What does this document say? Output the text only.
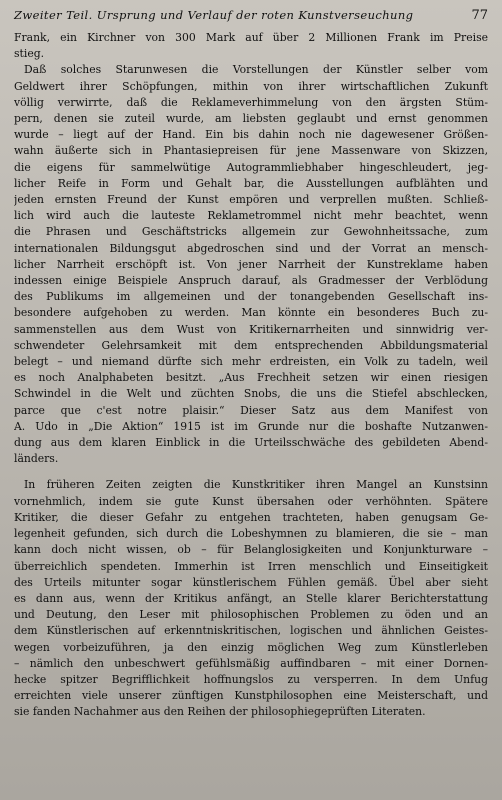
Zweiter Teil. Ursprung und Verlauf der roten Kunstverseuchung	77
Frank, ein Kirchner von 300 Mark auf über 2 Millionen Frank im Preise
stieg.
Daß solches Starunwesen die Vorstellungen der Künstler selber vom
Geldwert ihrer Schöpfungen, mithin von ihrer wirtschaftlichen Zukunft
völlig verwirrte, daß die Reklameverhimmelung von den ärgsten Stüm-
pern, denen sie zuteil wurde, am liebsten geglaubt und ernst genommen
wurde – liegt auf der Hand. Ein bis dahin noch nie dagewesener Größen-
wahn äußerte sich in Phantasiepreisen für jene Massenware von Skizzen,
die eigens für sammelwütige Autogrammliebhaber hingeschleudert, jeg-
licher Reife in Form und Gehalt bar, die Ausstellungen aufblähten und
jeden ernsten Freund der Kunst empören und verprellen mußten. Schließ-
lich wird auch die lauteste Reklametrommel nicht mehr beachtet, wenn
die Phrasen und Geschäftstricks allgemein zur Gewohnheitssache, zum
internationalen Bildungsgut abgedroschen sind und der Vorrat an mensch-
licher Narrheit erschöpft ist. Von jener Narrheit der Kunstreklame haben
indessen einige Beispiele Anspruch darauf, als Gradmesser der Verblödung
des Publikums im allgemeinen und der tonangebenden Gesellschaft ins-
besondere aufgehoben zu werden. Man könnte ein besonderes Buch zu-
sammenstellen aus dem Wust von Kritikernarrheiten und sinnwidrig ver-
schwendeter Gelehrsamkeit mit dem entsprechenden Abbildungsmaterial
belegt – und niemand dürfte sich mehr erdreisten, ein Volk zu tadeln, weil
es noch Analphabeten besitzt. „Aus Frechheit setzen wir einen riesigen
Schwindel in die Welt und züchten Snobs, die uns die Stiefel abschlecken,
parce que c'est notre plaisir.“ Dieser Satz aus dem Manifest von
A. Udo in „Die Aktion“ 1915 ist im Grunde nur die boshafte Nutzanwen-
dung aus dem klaren Einblick in die Urteilsschwäche des gebildeten Abend-
länders.
In früheren Zeiten zeigten die Kunstkritiker ihren Mangel an Kunstsinn
vornehmlich, indem sie gute Kunst übersahen oder verhöhnten. Spätere
Kritiker, die dieser Gefahr zu entgehen trachteten, haben genugsam Ge-
legenheit gefunden, sich durch die Lobeshymnen zu blamieren, die sie – man
kann doch nicht wissen, ob – für Belanglosigkeiten und Konjunkturware –
überreichlich spendeten. Immerhin ist Irren menschlich und Einseitigkeit
des Urteils mitunter sogar künstlerischem Fühlen gemäß. Übel aber sieht
es dann aus, wenn der Kritikus anfängt, an Stelle klarer Berichterstattung
und Deutung, den Leser mit philosophischen Problemen zu öden und an
dem Künstlerischen auf erkenntniskritischen, logischen und ähnlichen Geistes-
wegen vorbeizuführen, ja den einzig möglichen Weg zum Künstlerleben
– nämlich den unbeschwert gefühlsmäßig auffindbaren – mit einer Dornen-
hecke spitzer Begrifflichkeit hoffnungslos zu versperren. In dem Unfug
erreichten viele unserer zünftigen Kunstphilosophen eine Meisterschaft, und
sie fanden Nachahmer aus den Reihen der philosophiegeprüften Literaten.
